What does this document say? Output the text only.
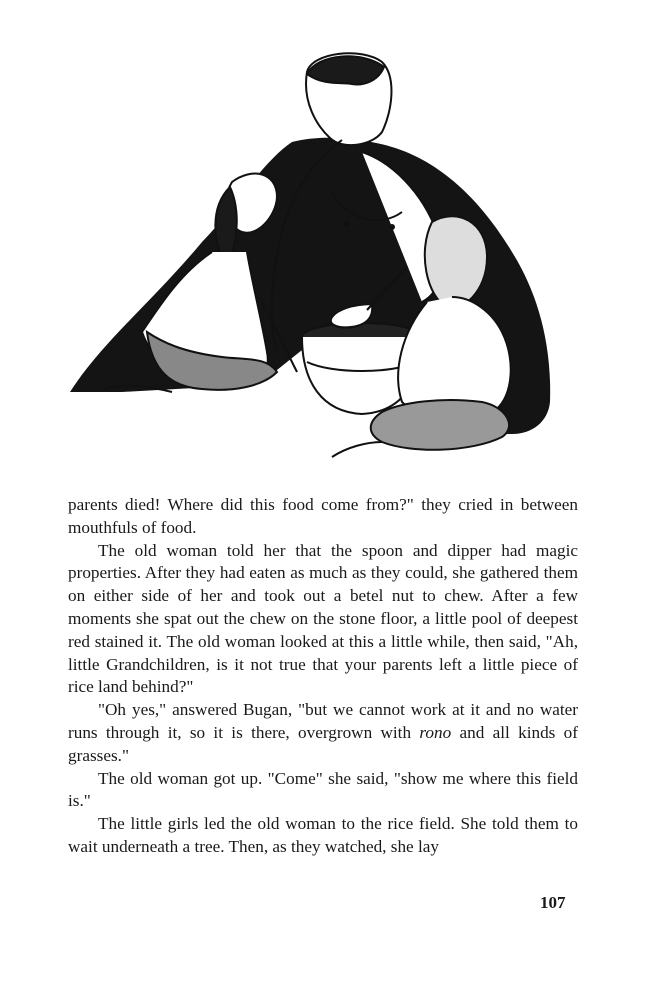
parents died! Where did this food come from?" they cried in between mouthfuls of food.

The old woman told her that the spoon and dipper had magic properties. After they had eaten as much as they could, she gathered them on either side of her and took out a betel nut to chew. After a few moments she spat out the chew on the stone floor, a little pool of deepest red stained it. The old woman looked at this a little while, then said, "Ah, little Grandchildren, is it not true that your parents left a little piece of rice land behind?"

"Oh yes," answered Bugan, "but we cannot work at it and no water runs through it, so it is there, overgrown with rono and all kinds of grasses."

The old woman got up. "Come" she said, "show me where this field is."

The little girls led the old woman to the rice field. She told them to wait underneath a tree. Then, as they watched, she lay

107
